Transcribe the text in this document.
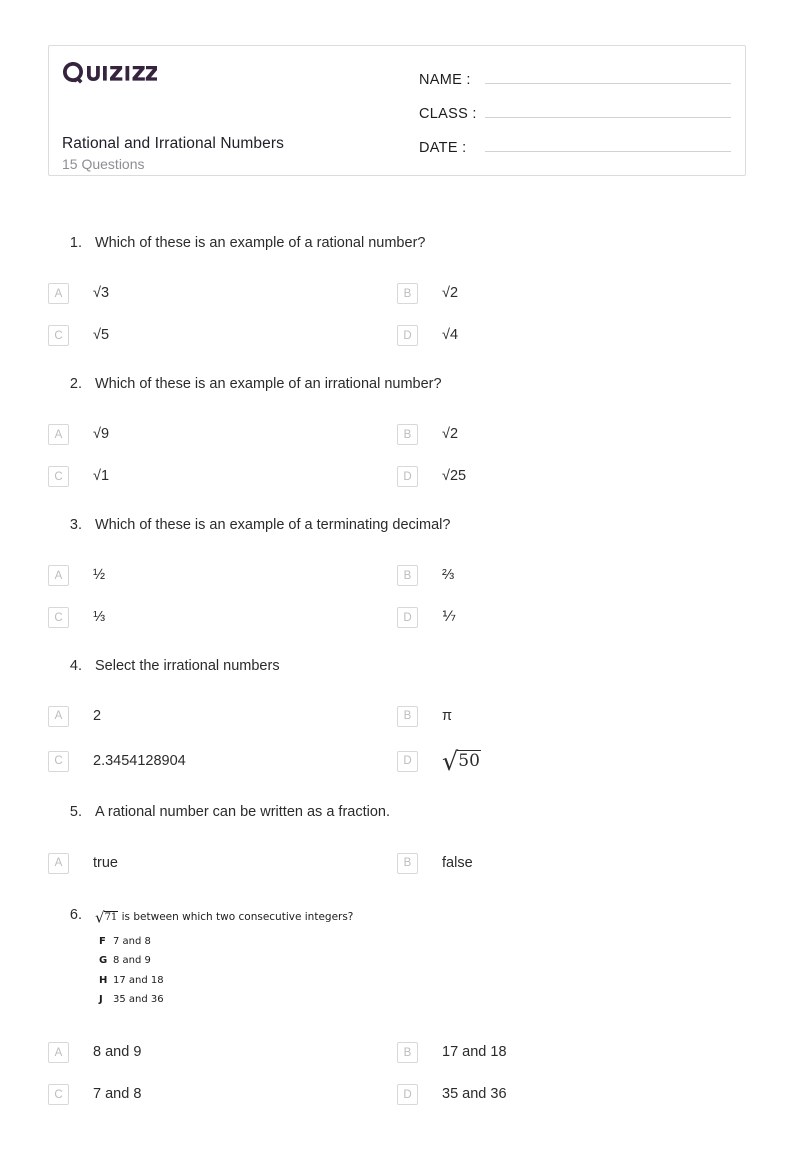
Rational and Irrational Numbers
15 Questions
NAME :
CLASS :
DATE :
1. Which of these is an example of a rational number?
A	√3	B	√2
C	√5	D	√4
2. Which of these is an example of an irrational number?
A	√9	B	√2
C	√1	D	√25
3. Which of these is an example of a terminating decimal?
A	½	B	⅔
C	⅓	D	⅐
4. Select the irrational numbers
A	2	B	π
C	2.3454128904	D √50
5. A rational number can be written as a fraction.
A	true	B	false
6. √71 is between which two consecutive integers?
F 7 and 8
G 8 and 9
H 17 and 18
J	35 and 36
A	8 and 9	B	17 and 18
C	7 and 8	D	35 and 36
